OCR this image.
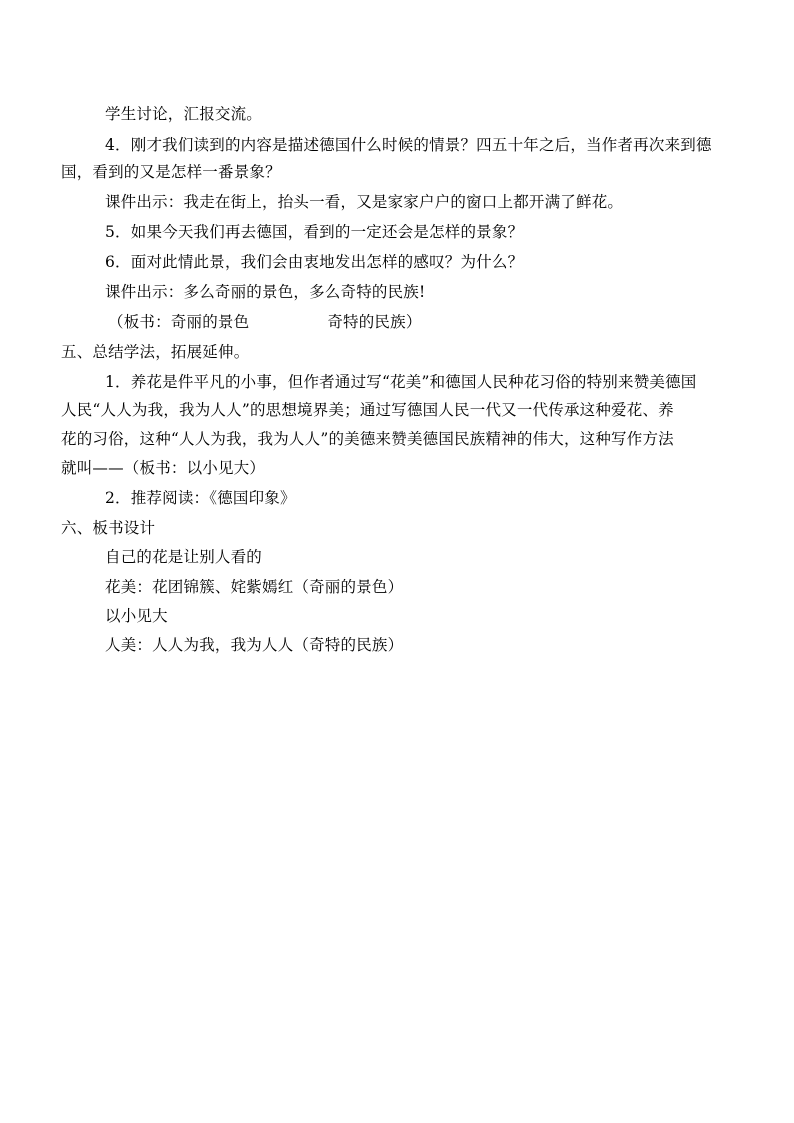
学生讨论，汇报交流。
4．刚才我们读到的内容是描述德国什么时候的情景？四五十年之后，当作者再次来到德
国，看到的又是怎样一番景象？
课件出示：我走在街上，抬头一看，又是家家户户的窗口上都开满了鲜花。
5．如果今天我们再去德国，看到的一定还会是怎样的景象？
6．面对此情此景，我们会由衷地发出怎样的感叹？为什么？
课件出示：多么奇丽的景色，多么奇特的民族!
（板书：奇丽的景色	奇特的民族）
五、总结学法，拓展延伸。
1．养花是件平凡的小事，但作者通过写“花美”和德国人民种花习俗的特别来赞美德国
人民“人人为我，我为人人”的思想境界美；通过写德国人民一代又一代传承这种爱花、养
花的习俗，这种“人人为我，我为人人”的美德来赞美德国民族精神的伟大，这种写作方法
就叫——（板书：以小见大）
2．推荐阅读：《德国印象》
六、板书设计
自己的花是让别人看的
花美：花团锦簇、姹紫嫣红（奇丽的景色）
以小见大
人美：人人为我，我为人人（奇特的民族）
